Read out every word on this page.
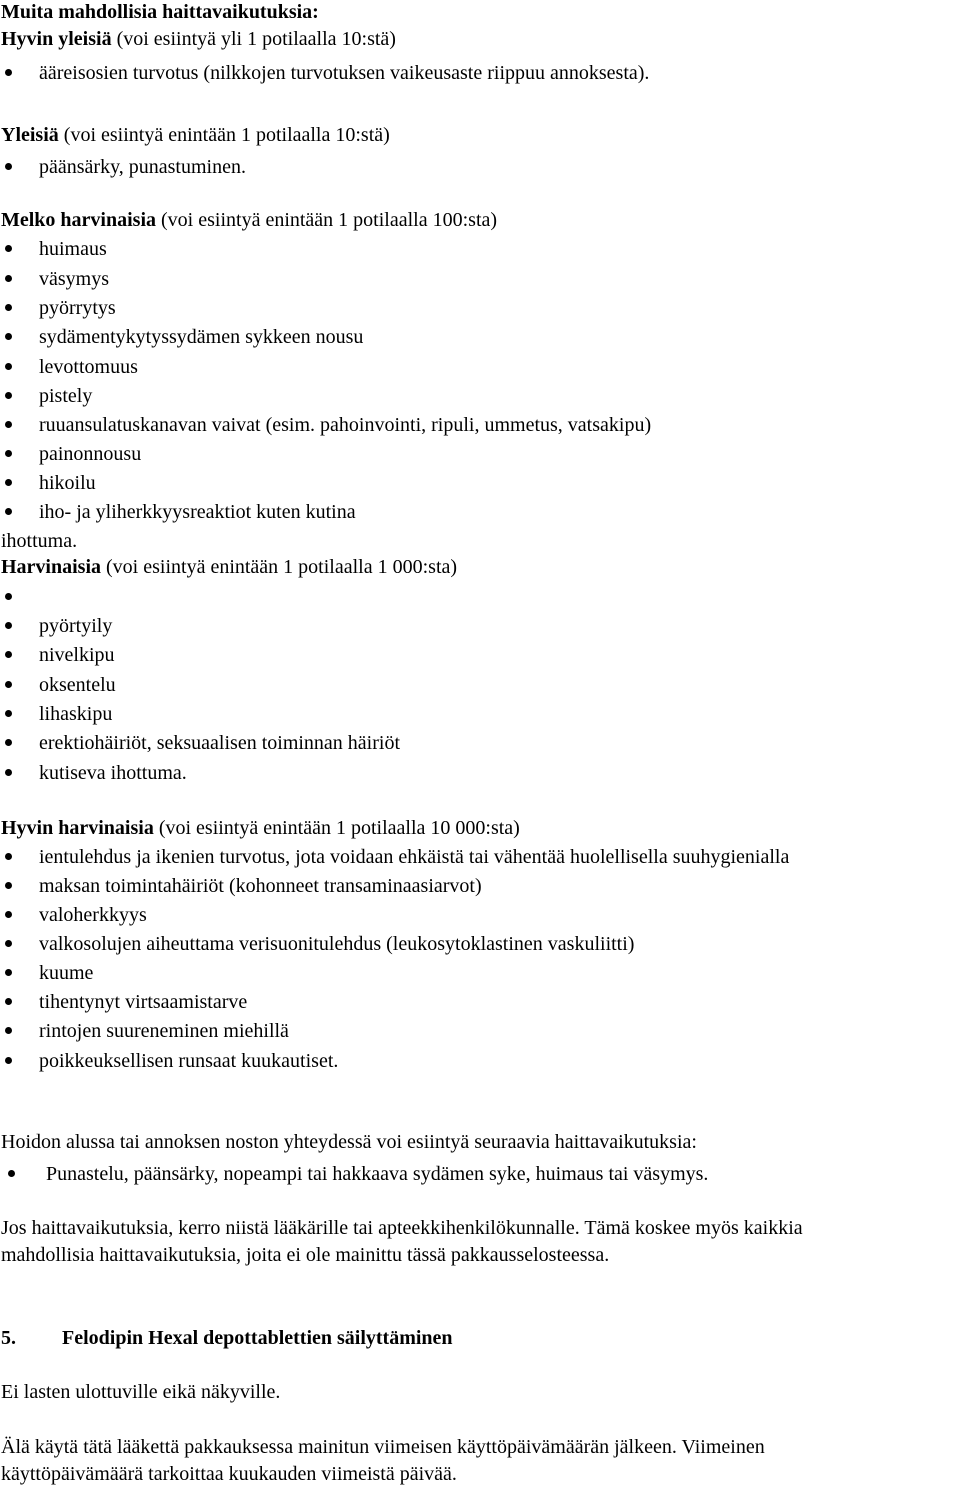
Muita mahdollisia haittavaikutuksia:
Hyvin yleisiä (voi esiintyä yli 1 potilaalla 10:stä)
ääreisosien turvotus (nilkkojen turvotuksen vaikeusaste riippuu annoksesta).
Yleisiä (voi esiintyä enintään 1 potilaalla 10:stä)
päänsärky, punastuminen.
Melko harvinaisia (voi esiintyä enintään 1 potilaalla 100:sta)
huimaus
väsymys
pyörrytys
sydämentykytyssydämen sykkeen nousu
levottomuus
pistely
ruuansulatuskanavan vaivat (esim. pahoinvointi, ripuli, ummetus, vatsakipu)
painonnousu
hikoilu
iho- ja yliherkkyysreaktiot kuten kutina
ihottuma.
Harvinaisia (voi esiintyä enintään 1 potilaalla 1 000:sta)
pyörtyily
nivelkipu
oksentelu
lihaskipu
erektiohäiriöt, seksuaalisen toiminnan häiriöt
kutiseva ihottuma.
Hyvin harvinaisia (voi esiintyä enintään 1 potilaalla 10 000:sta)
ientulehdus ja ikenien turvotus, jota voidaan ehkäistä tai vähentää huolellisella suuhygienialla
maksan toimintahäiriöt (kohonneet transaminaasiarvot)
valoherkkyys
valkosolujen aiheuttama verisuonitulehdus (leukosytoklastinen vaskuliitti)
kuume
tihentynyt virtsaamistarve
rintojen suureneminen miehillä
poikkeuksellisen runsaat kuukautiset.
Hoidon alussa tai annoksen noston yhteydessä voi esiintyä seuraavia haittavaikutuksia:
Punastelu, päänsärky, nopeampi tai hakkaava sydämen syke, huimaus tai väsymys.
Jos haittavaikutuksia, kerro niistä lääkärille tai apteekkihenkilökunnalle. Tämä koskee myös kaikkia
mahdollisia haittavaikutuksia, joita ei ole mainittu tässä pakkausselosteessa.
5. Felodipin Hexal depottablettien säilyttäminen
Ei lasten ulottuville eikä näkyville.
Älä käytä tätä lääkettä pakkauksessa mainitun viimeisen käyttöpäivämäärän jälkeen. Viimeinen
käyttöpäivämäärä tarkoittaa kuukauden viimeistä päivää.
